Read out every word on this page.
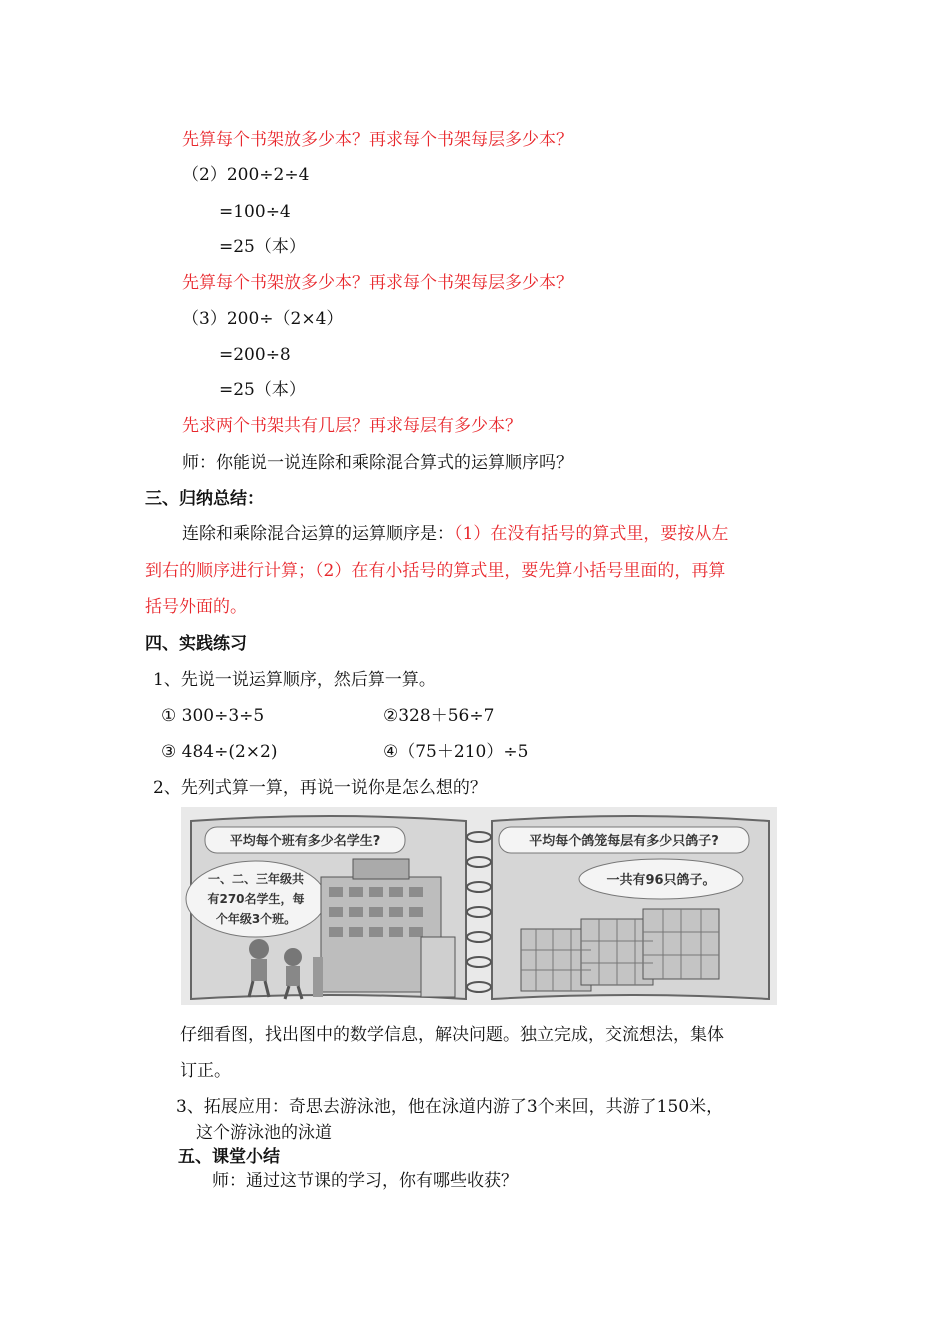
先算每个书架放多少本？再求每个书架每层多少本？
（2）200÷2÷4
=100÷4
=25（本）
先算每个书架放多少本？再求每个书架每层多少本？
（3）200÷（2×4）
=200÷8
=25（本）
先求两个书架共有几层？再求每层有多少本？
师：你能说一说连除和乘除混合算式的运算顺序吗？
三、归纳总结：
连除和乘除混合运算的运算顺序是：（1）在没有括号的算式里，要按从左
到右的顺序进行计算；（2）在有小括号的算式里，要先算小括号里面的，再算
括号外面的。
四、实践练习
1、先说一说运算顺序，然后算一算。
① 300÷3÷5	②328＋56÷7
③ 484÷(2×2)	④（75＋210）÷5
2、先列式算一算，再说一说你是怎么想的？
平均每个班有多少名学生?
一、二、三年级共
有270名学生，每
个年级3个班。
平均每个鸽笼每层有多少只鸽子?
一共有96只鸽子。
仔细看图，找出图中的数学信息，解决问题。独立完成，交流想法，集体
订正。
3、拓展应用：奇思去游泳池，他在泳道内游了3个来回，共游了150米，
这个游泳池的泳道
五、课堂小结
师：通过这节课的学习，你有哪些收获？
